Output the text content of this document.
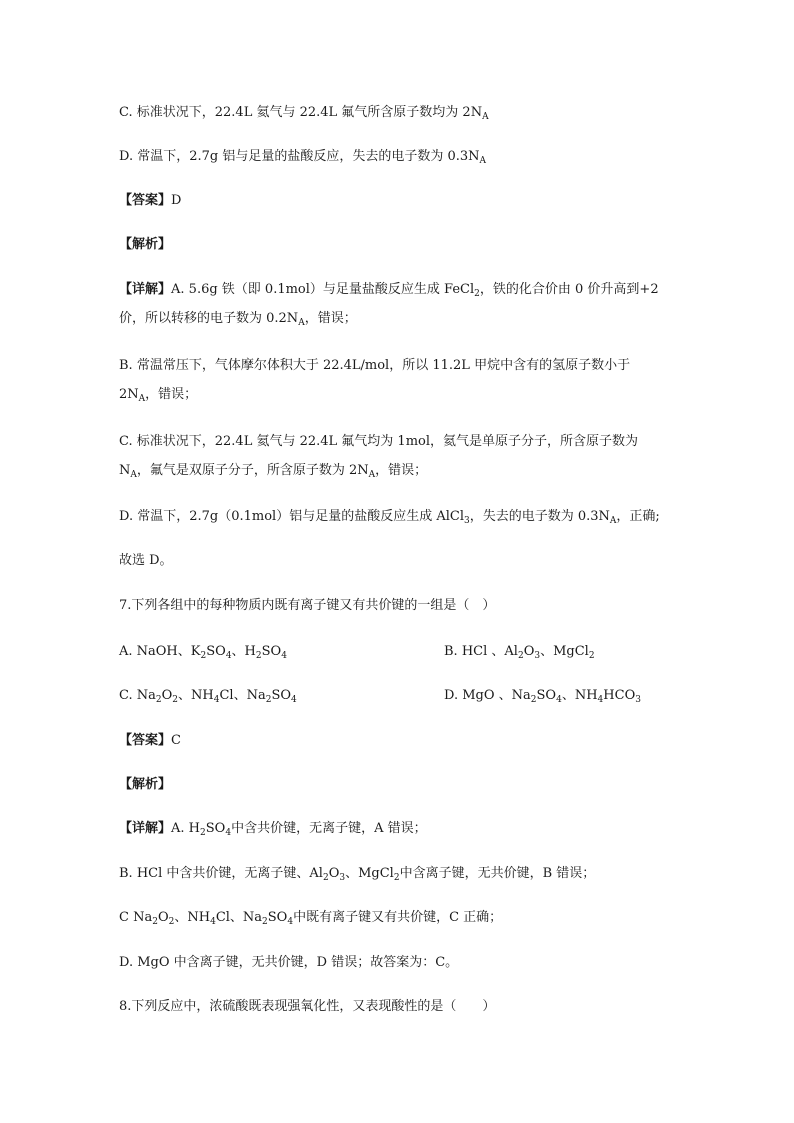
C. 标准状况下，22.4L 氦气与 22.4L 氟气所含原子数均为 $2N_A$
D. 常温下，2.7g 铝与足量的盐酸反应，失去的电子数为 $0.3N_A$
【答案】D
【解析】
【详解】A. 5.6g 铁（即 0.1mol）与足量盐酸反应生成 FeCl$_2$，铁的化合价由 0 价升高到+2
价，所以转移的电子数为 $0.2N_A$，错误；
B. 常温常压下，气体摩尔体积大于 22.4L/mol，所以 11.2L 甲烷中含有的氢原子数小于
$2N_A$，错误；
C. 标准状况下，22.4L 氦气与 22.4L 氟气均为 1mol，氦气是单原子分子，所含原子数为
$N_A$，氟气是双原子分子，所含原子数为 $2N_A$，错误；
D. 常温下，2.7g（0.1mol）铝与足量的盐酸反应生成 AlCl$_3$，失去的电子数为 $0.3N_A$，正确;
故选 D。
7.下列各组中的每种物质内既有离子键又有共价键的一组是（　）
A. NaOH、$K_2SO_4$、$H_2SO_4$	B. HCl 、$Al_2O_3$、MgCl$_2$
C. $Na_2O_2$、$NH_4Cl$、$Na_2SO_4$	D. MgO 、$Na_2SO_4$、$NH_4HCO_3$
【答案】C
【解析】
【详解】A. $H_2SO_4$中含共价键，无离子键，A 错误；
B. HCl 中含共价键，无离子键、$Al_2O_3$、MgCl$_2$中含离子键，无共价键，B 错误；
C $Na_2O_2$、$NH_4Cl$、$Na_2SO_4$中既有离子键又有共价键，C 正确；
D. MgO 中含离子键，无共价键，D 错误；故答案为：C。
8.下列反应中，浓硫酸既表现强氧化性，又表现酸性的是（　　）
